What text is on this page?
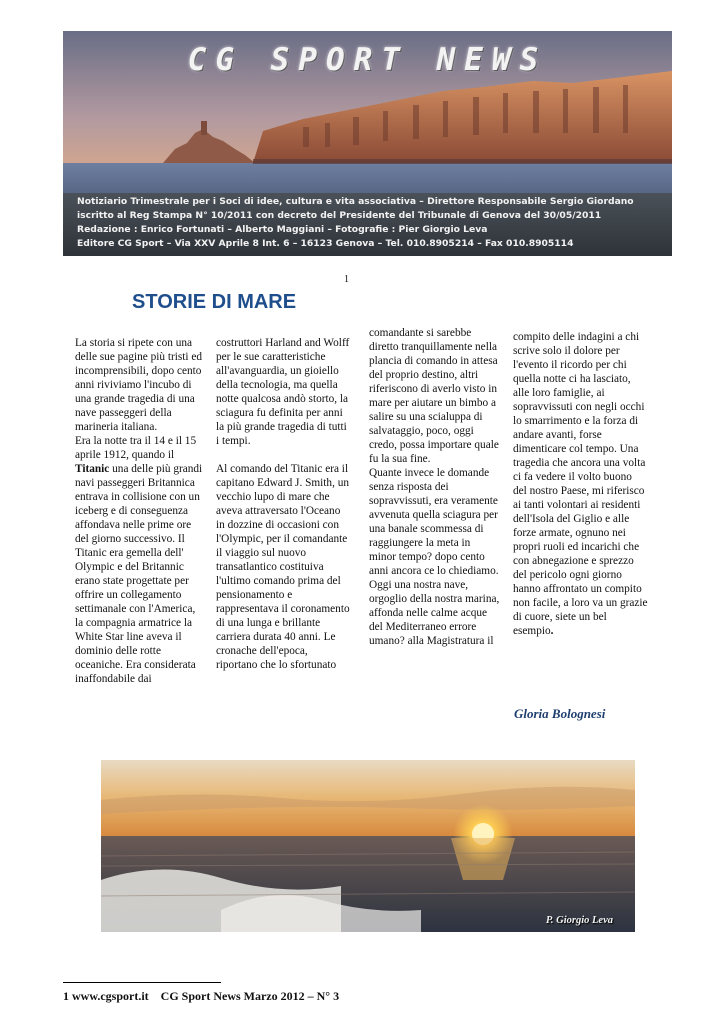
CG SPORT NEWS
Notiziario Trimestrale per i Soci di idee, cultura e vita associativa – Direttore Responsabile Sergio Giordano
iscritto al Reg Stampa N° 10/2011 con decreto del Presidente del Tribunale di Genova del 30/05/2011
Redazione : Enrico Fortunati – Alberto Maggiani – Fotografie : Pier Giorgio Leva
Editore CG Sport – Via XXV Aprile 8 Int. 6 – 16123 Genova – Tel. 010.8905214 – Fax 010.8905114
1
STORIE DI MARE

La storia si ripete con una delle sue pagine più tristi ed incomprensibili, dopo cento anni riviviamo l'incubo di una grande tragedia di una nave passeggeri della marineria italiana.

Era la notte tra il 14 e il 15 aprile 1912, quando il Titanic una delle più grandi navi passeggeri Britannica entrava in collisione con un iceberg e di conseguenza affondava nelle prime ore del giorno successivo. Il Titanic era gemella dell' Olympic e del Britannic erano state progettate per offrire un collegamento settimanale con l'America, la compagnia armatrice la White Star line aveva il dominio delle rotte oceaniche. Era considerata inaffondabile dai

costruttori Harland and Wolff per le sue caratteristiche all'avanguardia, un gioiello della tecnologia, ma quella notte qualcosa andò storto, la sciagura fu definita per anni la più grande tragedia di tutti i tempi.

Al comando del Titanic era il capitano Edward J. Smith, un vecchio lupo di mare che aveva attraversato l'Oceano in dozzine di occasioni con l'Olympic, per il comandante il viaggio sul nuovo transatlantico costituiva l'ultimo comando prima del pensionamento e rappresentava il coronamento di una lunga e brillante carriera durata 40 anni. Le cronache dell'epoca, riportano che lo sfortunato

comandante si sarebbe diretto tranquillamente nella plancia di comando in attesa del proprio destino, altri riferiscono di averlo visto in mare per aiutare un bimbo a salire su una scialuppa di salvataggio, poco, oggi credo, possa importare quale fu la sua fine.

Quante invece le domande senza risposta dei sopravvissuti, era veramente avvenuta quella sciagura per una banale scommessa di raggiungere la meta in minor tempo? dopo cento anni ancora ce lo chiediamo.

Oggi una nostra nave, orgoglio della nostra marina, affonda nelle calme acque del Mediterraneo errore umano? alla Magistratura il

compito delle indagini a chi scrive solo il dolore per l'evento il ricordo per chi quella notte ci ha lasciato, alle loro famiglie, ai sopravvissuti con negli occhi lo smarrimento e la forza di andare avanti, forse dimenticare col tempo. Una tragedia che ancora una volta ci fa vedere il volto buono del nostro Paese, mi riferisco ai tanti volontari ai residenti dell'Isola del Giglio e alle forze armate, ognuno nei propri ruoli ed incarichi che con abnegazione e sprezzo del pericolo ogni giorno hanno affrontato un compito non facile, a loro va un grazie di cuore, siete un bel esempio.

Gloria Bolognesi
P. Giorgio Leva
1 www.cgsport.it    CG Sport News Marzo 2012 – N° 3
